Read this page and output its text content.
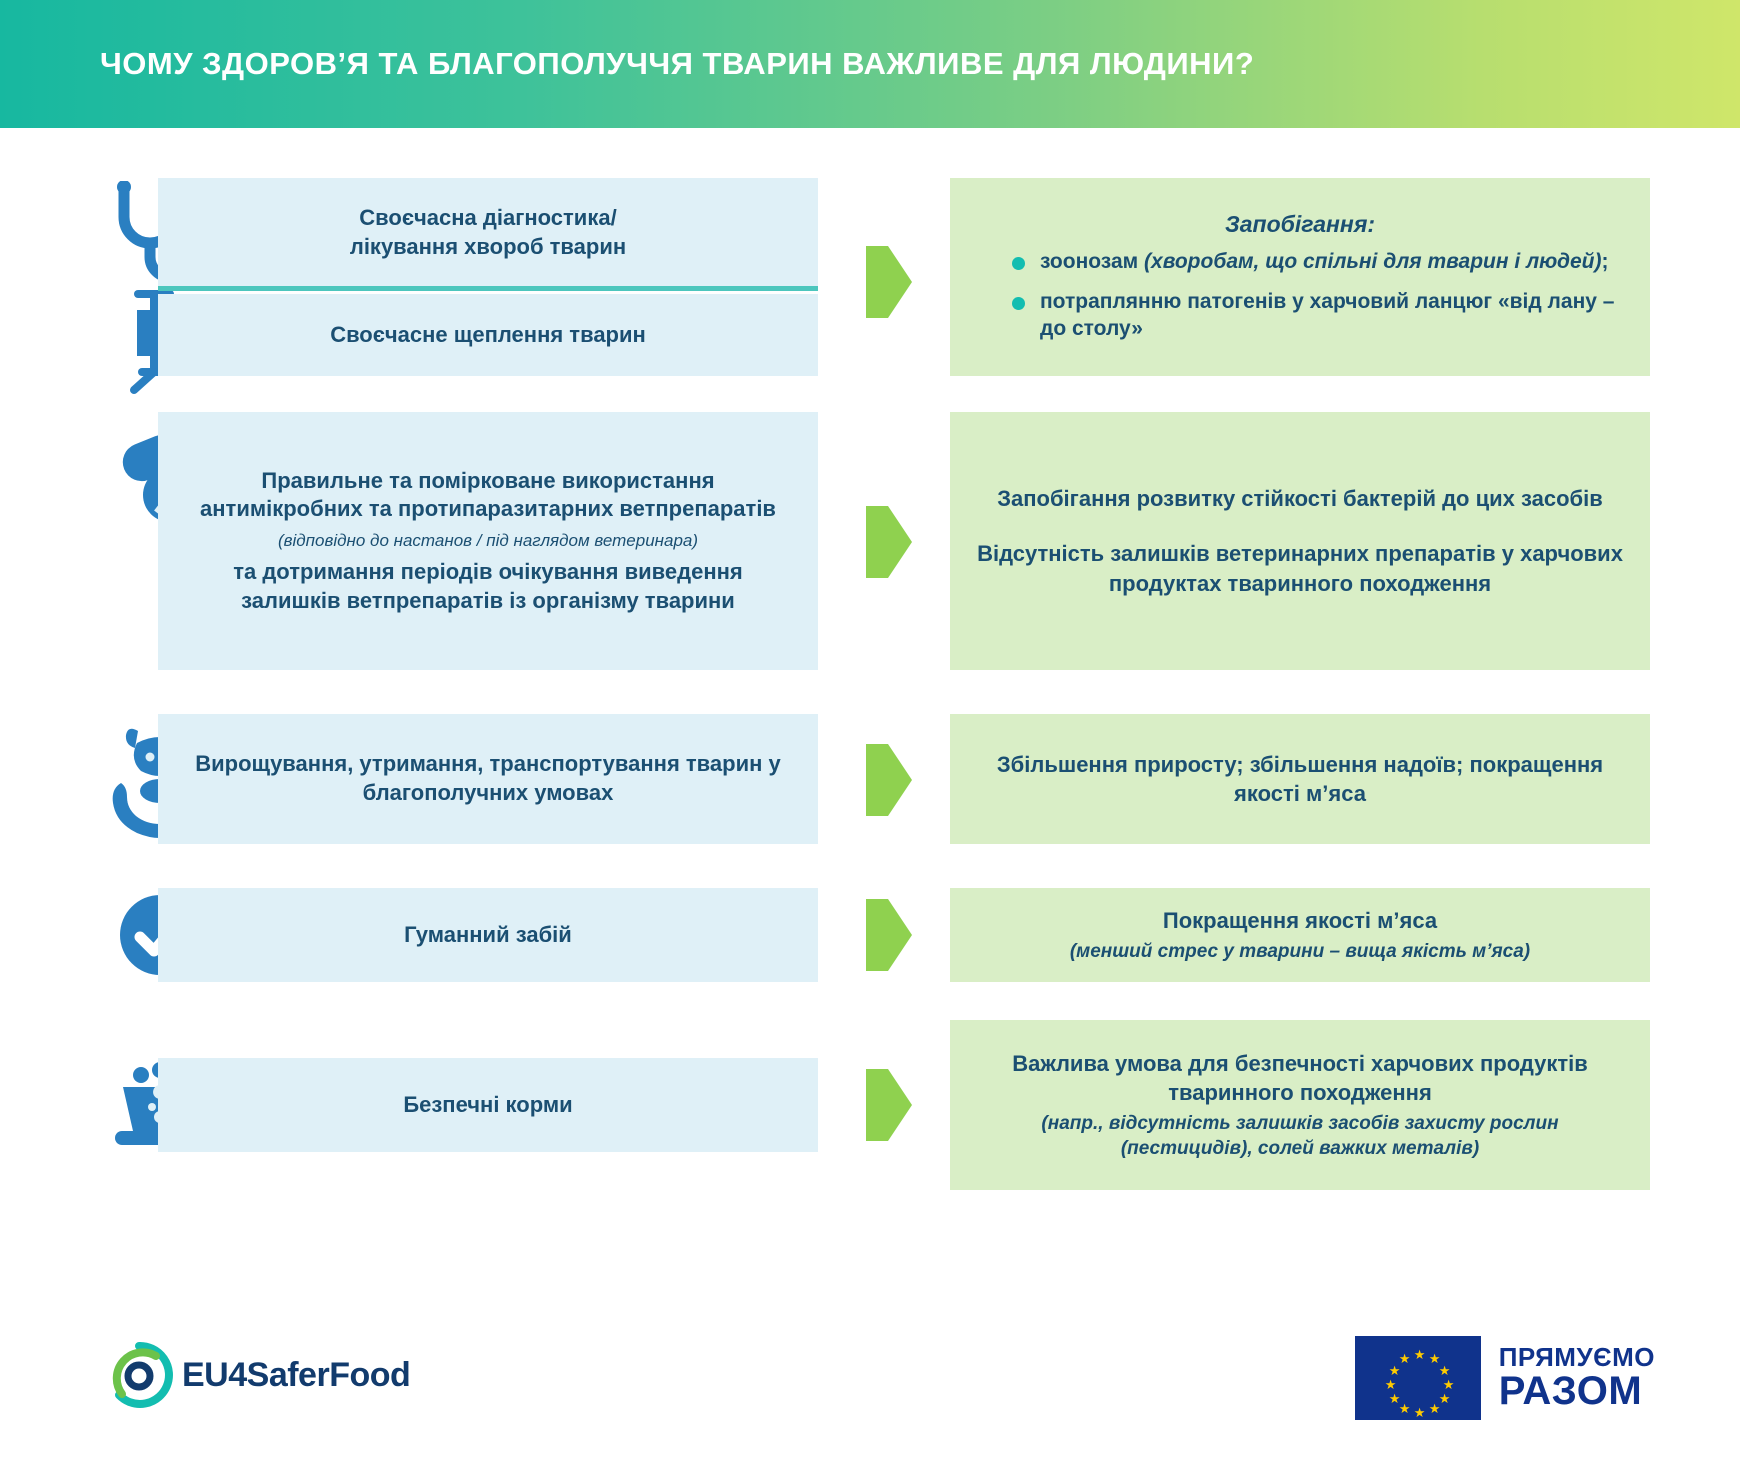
ЧОМУ ЗДОРОВ’Я ТА БЛАГОПОЛУЧЧЯ ТВАРИН ВАЖЛИВЕ ДЛЯ ЛЮДИНИ?
Своєчасна діагностика/
лікування хвороб тварин
Своєчасне щеплення тварин
Запобігання:
зоонозам (хворобам, що спільні для тварин і людей);
потраплянню патогенів у харчовий ланцюг «від лану – до столу»
Правильне та помірковане використання антимікробних та протипаразитарних ветпрепаратів
(відповідно до настанов / під наглядом ветеринара)
та дотримання періодів очікування виведення залишків ветпрепаратів із організму тварини
Запобігання розвитку стійкості бактерій до цих засобів
Відсутність залишків ветеринарних препаратів у харчових продуктах тваринного походження
Вирощування, утримання, транспортування тварин у благополучних умовах
Збільшення приросту; збільшення надоїв; покращення якості м’яса
Гуманний забій
Покращення якості м’яса
(менший стрес у тварини – вища якість м’яса)
Безпечні корми
Важлива умова для безпечності харчових продуктів тваринного походження
(напр., відсутність залишків засобів захисту рослин (пестицидів), солей важких металів)
EU4SaferFood
★ ★
★
★
★
★
★
★
★
★
★
★	ПРЯМУЄМО
РАЗОМ
